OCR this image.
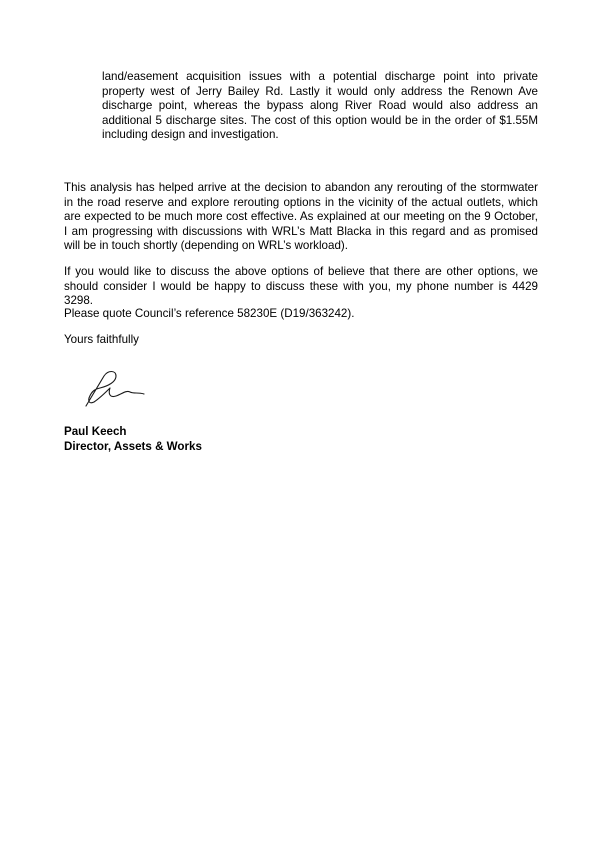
land/easement acquisition issues with a potential discharge point into private property west of Jerry Bailey Rd. Lastly it would only address the Renown Ave discharge point, whereas the bypass along River Road would also address an additional 5 discharge sites. The cost of this option would be in the order of $1.55M including design and investigation.

This analysis has helped arrive at the decision to abandon any rerouting of the stormwater in the road reserve and explore rerouting options in the vicinity of the actual outlets, which are expected to be much more cost effective. As explained at our meeting on the 9 October, I am progressing with discussions with WRL’s Matt Blacka in this regard and as promised will be in touch shortly (depending on WRL’s workload).

If you would like to discuss the above options of believe that there are other options, we should consider I would be happy to discuss these with you, my phone number is 4429 3298.

Please quote Council’s reference 58230E (D19/363242).

Yours faithfully

Paul Keech

Director, Assets & Works
